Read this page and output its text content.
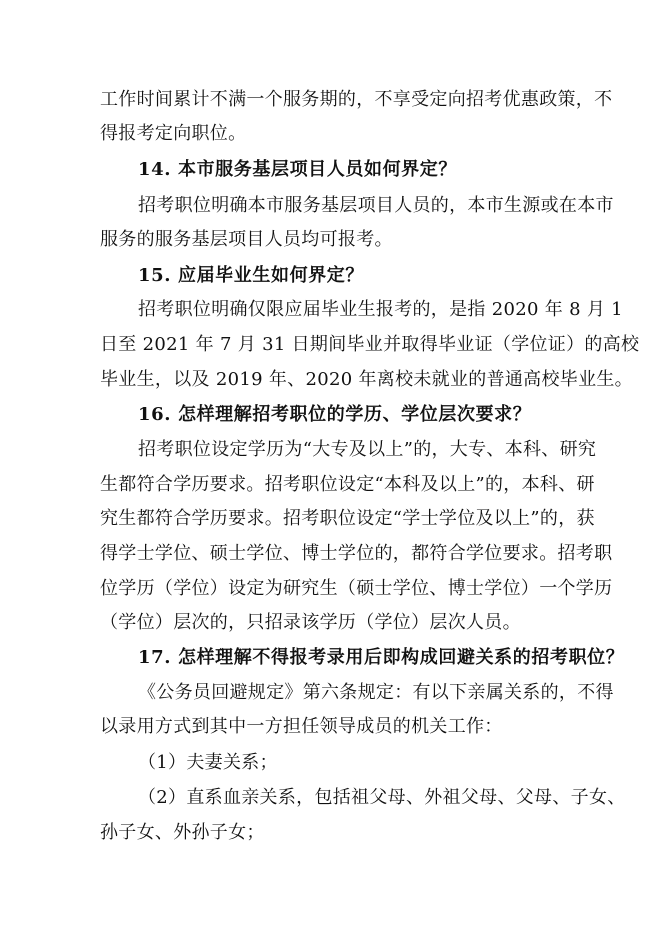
工作时间累计不满一个服务期的，不享受定向招考优惠政策，不
得报考定向职位。
14. 本市服务基层项目人员如何界定？
招考职位明确本市服务基层项目人员的，本市生源或在本市
服务的服务基层项目人员均可报考。
15. 应届毕业生如何界定？
招考职位明确仅限应届毕业生报考的，是指 2020 年 8 月 1
日至 2021 年 7 月 31 日期间毕业并取得毕业证（学位证）的高校
毕业生，以及 2019 年、2020 年离校未就业的普通高校毕业生。
16. 怎样理解招考职位的学历、学位层次要求？
招考职位设定学历为“大专及以上”的，大专、本科、研究
生都符合学历要求。招考职位设定“本科及以上”的，本科、研
究生都符合学历要求。招考职位设定“学士学位及以上”的，获
得学士学位、硕士学位、博士学位的，都符合学位要求。招考职
位学历（学位）设定为研究生（硕士学位、博士学位）一个学历
（学位）层次的，只招录该学历（学位）层次人员。
17. 怎样理解不得报考录用后即构成回避关系的招考职位？
《公务员回避规定》第六条规定：有以下亲属关系的，不得
以录用方式到其中一方担任领导成员的机关工作：
（1）夫妻关系；
（2）直系血亲关系，包括祖父母、外祖父母、父母、子女、
孙子女、外孙子女；
